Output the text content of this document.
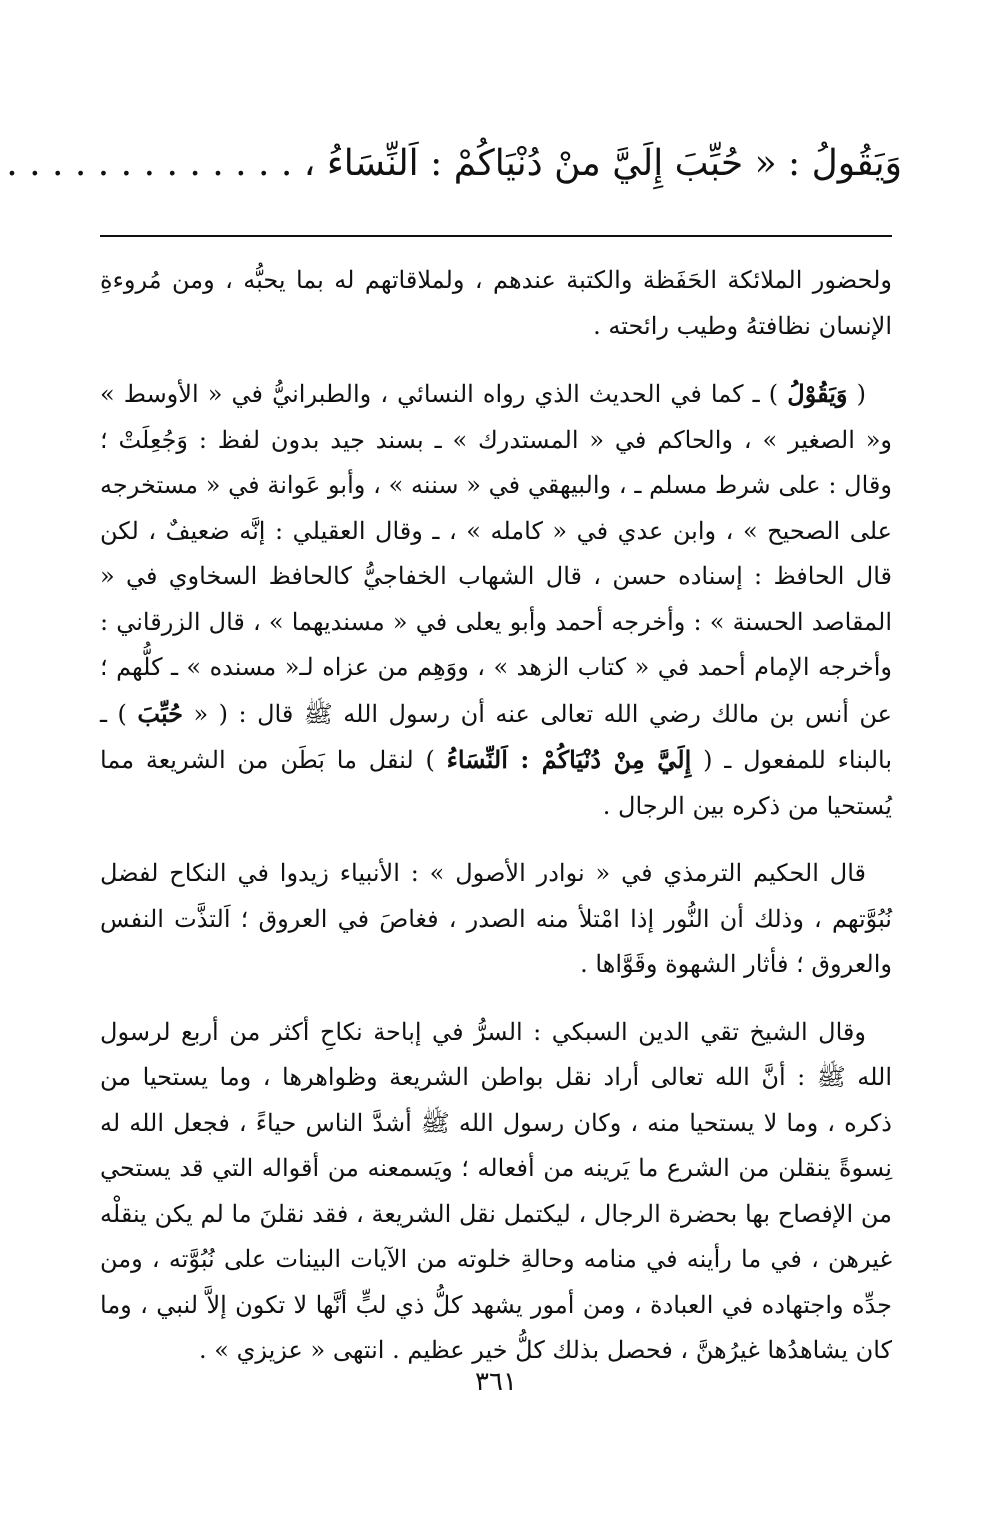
وَيَقُولُ : « حُبِّبَ إِلَيَّ منْ دُنْيَاكُمْ : اَلنِّسَاءُ ، . . . . . . . . . . . . .

ولحضور الملائكة الحَفَظة والكتبة عندهم ، ولملاقاتهم له بما يحبُّه ، ومن مُروءةِ الإنسان نظافتهُ وطيب رائحته .

( وَيَقُوْلُ ) ـ كما في الحديث الذي رواه النسائي ، والطبرانيُّ في « الأوسط » و« الصغير » ، والحاكم في « المستدرك » ـ بسند جيد بدون لفظ : وَجُعِلَتْ ؛ وقال : على شرط مسلم ـ ، والبيهقي في « سننه » ، وأبو عَوانة في « مستخرجه على الصحيح » ، وابن عدي في « كامله » ، ـ وقال العقيلي : إنَّه ضعيفٌ ، لكن قال الحافظ : إسناده حسن ، قال الشهاب الخفاجيُّ كالحافظ السخاوي في « المقاصد الحسنة » : وأخرجه أحمد وأبو يعلى في « مسنديهما » ، قال الزرقاني : وأخرجه الإمام أحمد في « كتاب الزهد » ، ووَهِم من عزاه لـ« مسنده » ـ كلُّهم ؛ عن أنس بن مالك رضي الله تعالى عنه أن رسول الله ﷺ قال : ( « حُبِّبَ ) ـ بالبناء للمفعول ـ ( إِلَيَّ مِنْ دُنْيَاكُمْ : اَلنِّسَاءُ ) لنقل ما بَطَن من الشريعة مما يُستحيا من ذكره بين الرجال .

قال الحكيم الترمذي في « نوادر الأصول » : الأنبياء زيدوا في النكاح لفضل نُبُوَّتهم ، وذلك أن النُّور إذا امْتلأ منه الصدر ، فغاصَ في العروق ؛ اَلتذَّت النفس والعروق ؛ فأثار الشهوة وقَوَّاها .

وقال الشيخ تقي الدين السبكي : السرُّ في إباحة نكاحِ أكثر من أربع لرسول الله ﷺ : أنَّ الله تعالى أراد نقل بواطن الشريعة وظواهرها ، وما يستحيا من ذكره ، وما لا يستحيا منه ، وكان رسول الله ﷺ أشدَّ الناس حياءً ، فجعل الله له نِسوةً ينقلن من الشرع ما يَرينه من أفعاله ؛ ويَسمعنه من أقواله التي قد يستحي من الإفصاح بها بحضرة الرجال ، ليكتمل نقل الشريعة ، فقد نقلنَ ما لم يكن ينقلْه غيرهن ، في ما رأينه في منامه وحالةِ خلوته من الآيات البينات على نُبُوَّته ، ومن جدِّه واجتهاده في العبادة ، ومن أمور يشهد كلُّ ذي لبٍّ أنَّها لا تكون إلاَّ لنبي ، وما كان يشاهدُها غيرُهنَّ ، فحصل بذلك كلُّ خير عظيم . انتهى « عزيزي » .

٣٦١
